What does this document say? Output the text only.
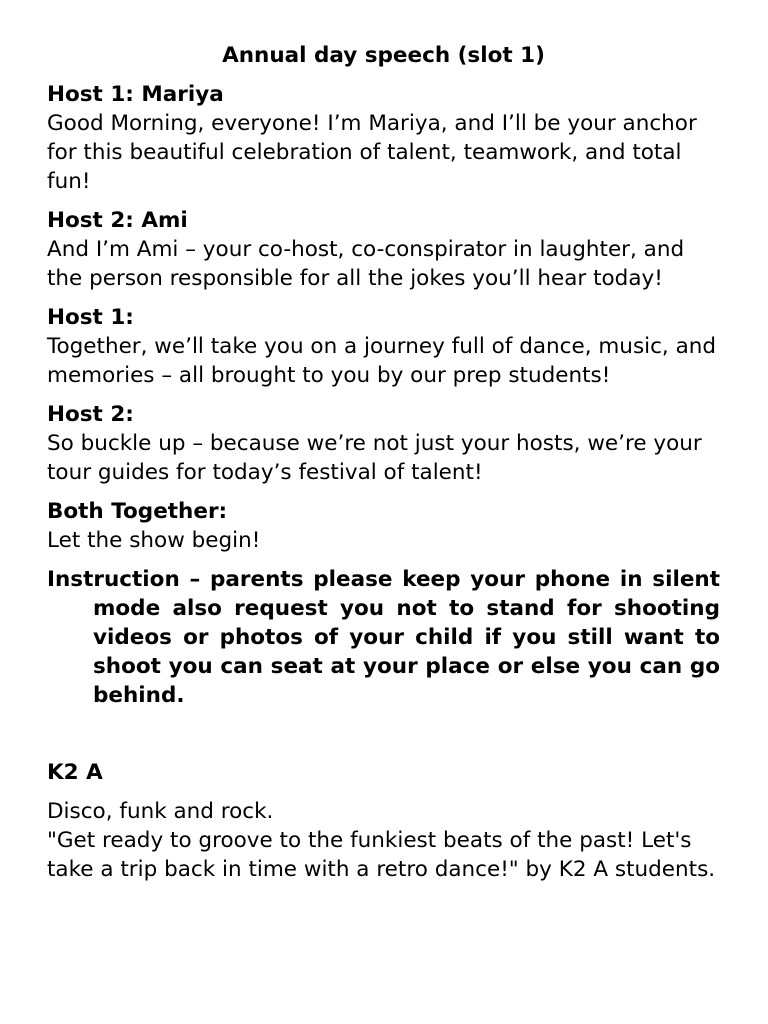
Annual day speech (slot 1)
Host 1: Mariya
Good Morning, everyone! I’m Mariya, and I’ll be your anchor for this beautiful celebration of talent, teamwork, and total fun!
Host 2: Ami
And I’m Ami – your co-host, co-conspirator in laughter, and the person responsible for all the jokes you’ll hear today!
Host 1:
Together, we’ll take you on a journey full of dance, music, and memories – all brought to you by our prep students!
Host 2:
So buckle up – because we’re not just your hosts, we’re your tour guides for today’s festival of talent!
Both Together:
Let the show begin!

Instruction – parents please keep your phone in silent mode also request you not to stand for shooting videos or photos of your child if you still want to shoot you can seat at your place or else you can go behind.

K2 A

Disco, funk and rock.

"Get ready to groove to the funkiest beats of the past! Let's take a trip back in time with a retro dance!" by K2 A students.
